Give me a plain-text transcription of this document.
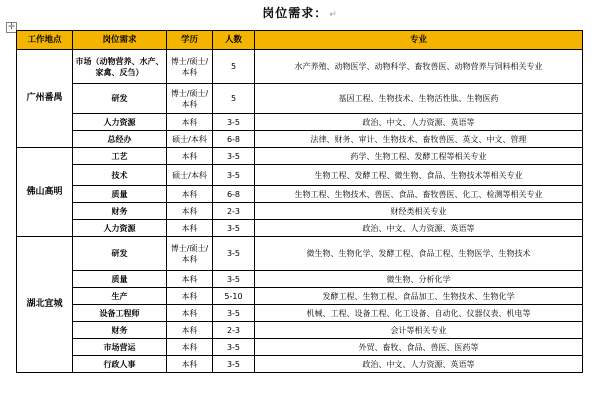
岗位需求： ↵
✛
工作地点	岗位需求	学历	人数	专业
广州番禺	市场（动物营养、水产、家禽、反刍）	博士/硕士/本科	5	水产养殖、动物医学、动物科学、畜牧兽医、动物营养与饲料相关专业
	研发	博士/硕士/本科	5	基因工程、生物技术、生物活性肽、生物医药
	人力资源	本科	3-5	政治、中文、人力资源、英语等
	总经办	硕士/本科	6-8	法律、财务、审计、生物技术、畜牧兽医、英文、中文、管理
佛山高明	工艺	本科	3-5	药学、生物工程、发酵工程等相关专业
	技术	硕士/本科	3-5	生物工程、发酵工程、微生物、食品、生物技术等相关专业
	质量	本科	6-8	生物工程、生物技术、兽医、食品、畜牧兽医、化工、检测等相关专业
	财务	本科	2-3	财经类相关专业
	人力资源	本科	3-5	政治、中文、人力资源、英语等
湖北宜城	研发	博士/硕士/本科	3-5	微生物、生物化学、发酵工程、食品工程、生物医学、生物技术
	质量	本科	3-5	微生物、分析化学
	生产	本科	5-10	发酵工程、生物工程、食品加工、生物技术、生物化学
	设备工程师	本科	3-5	机械、工程、设备工程、化工设备、自动化、仪器仪表、机电等
	财务	本科	2-3	会计等相关专业
	市场营运	本科	3-5	外贸、畜牧、食品、兽医、医药等
	行政人事	本科	3-5	政治、中文、人力资源、英语等
